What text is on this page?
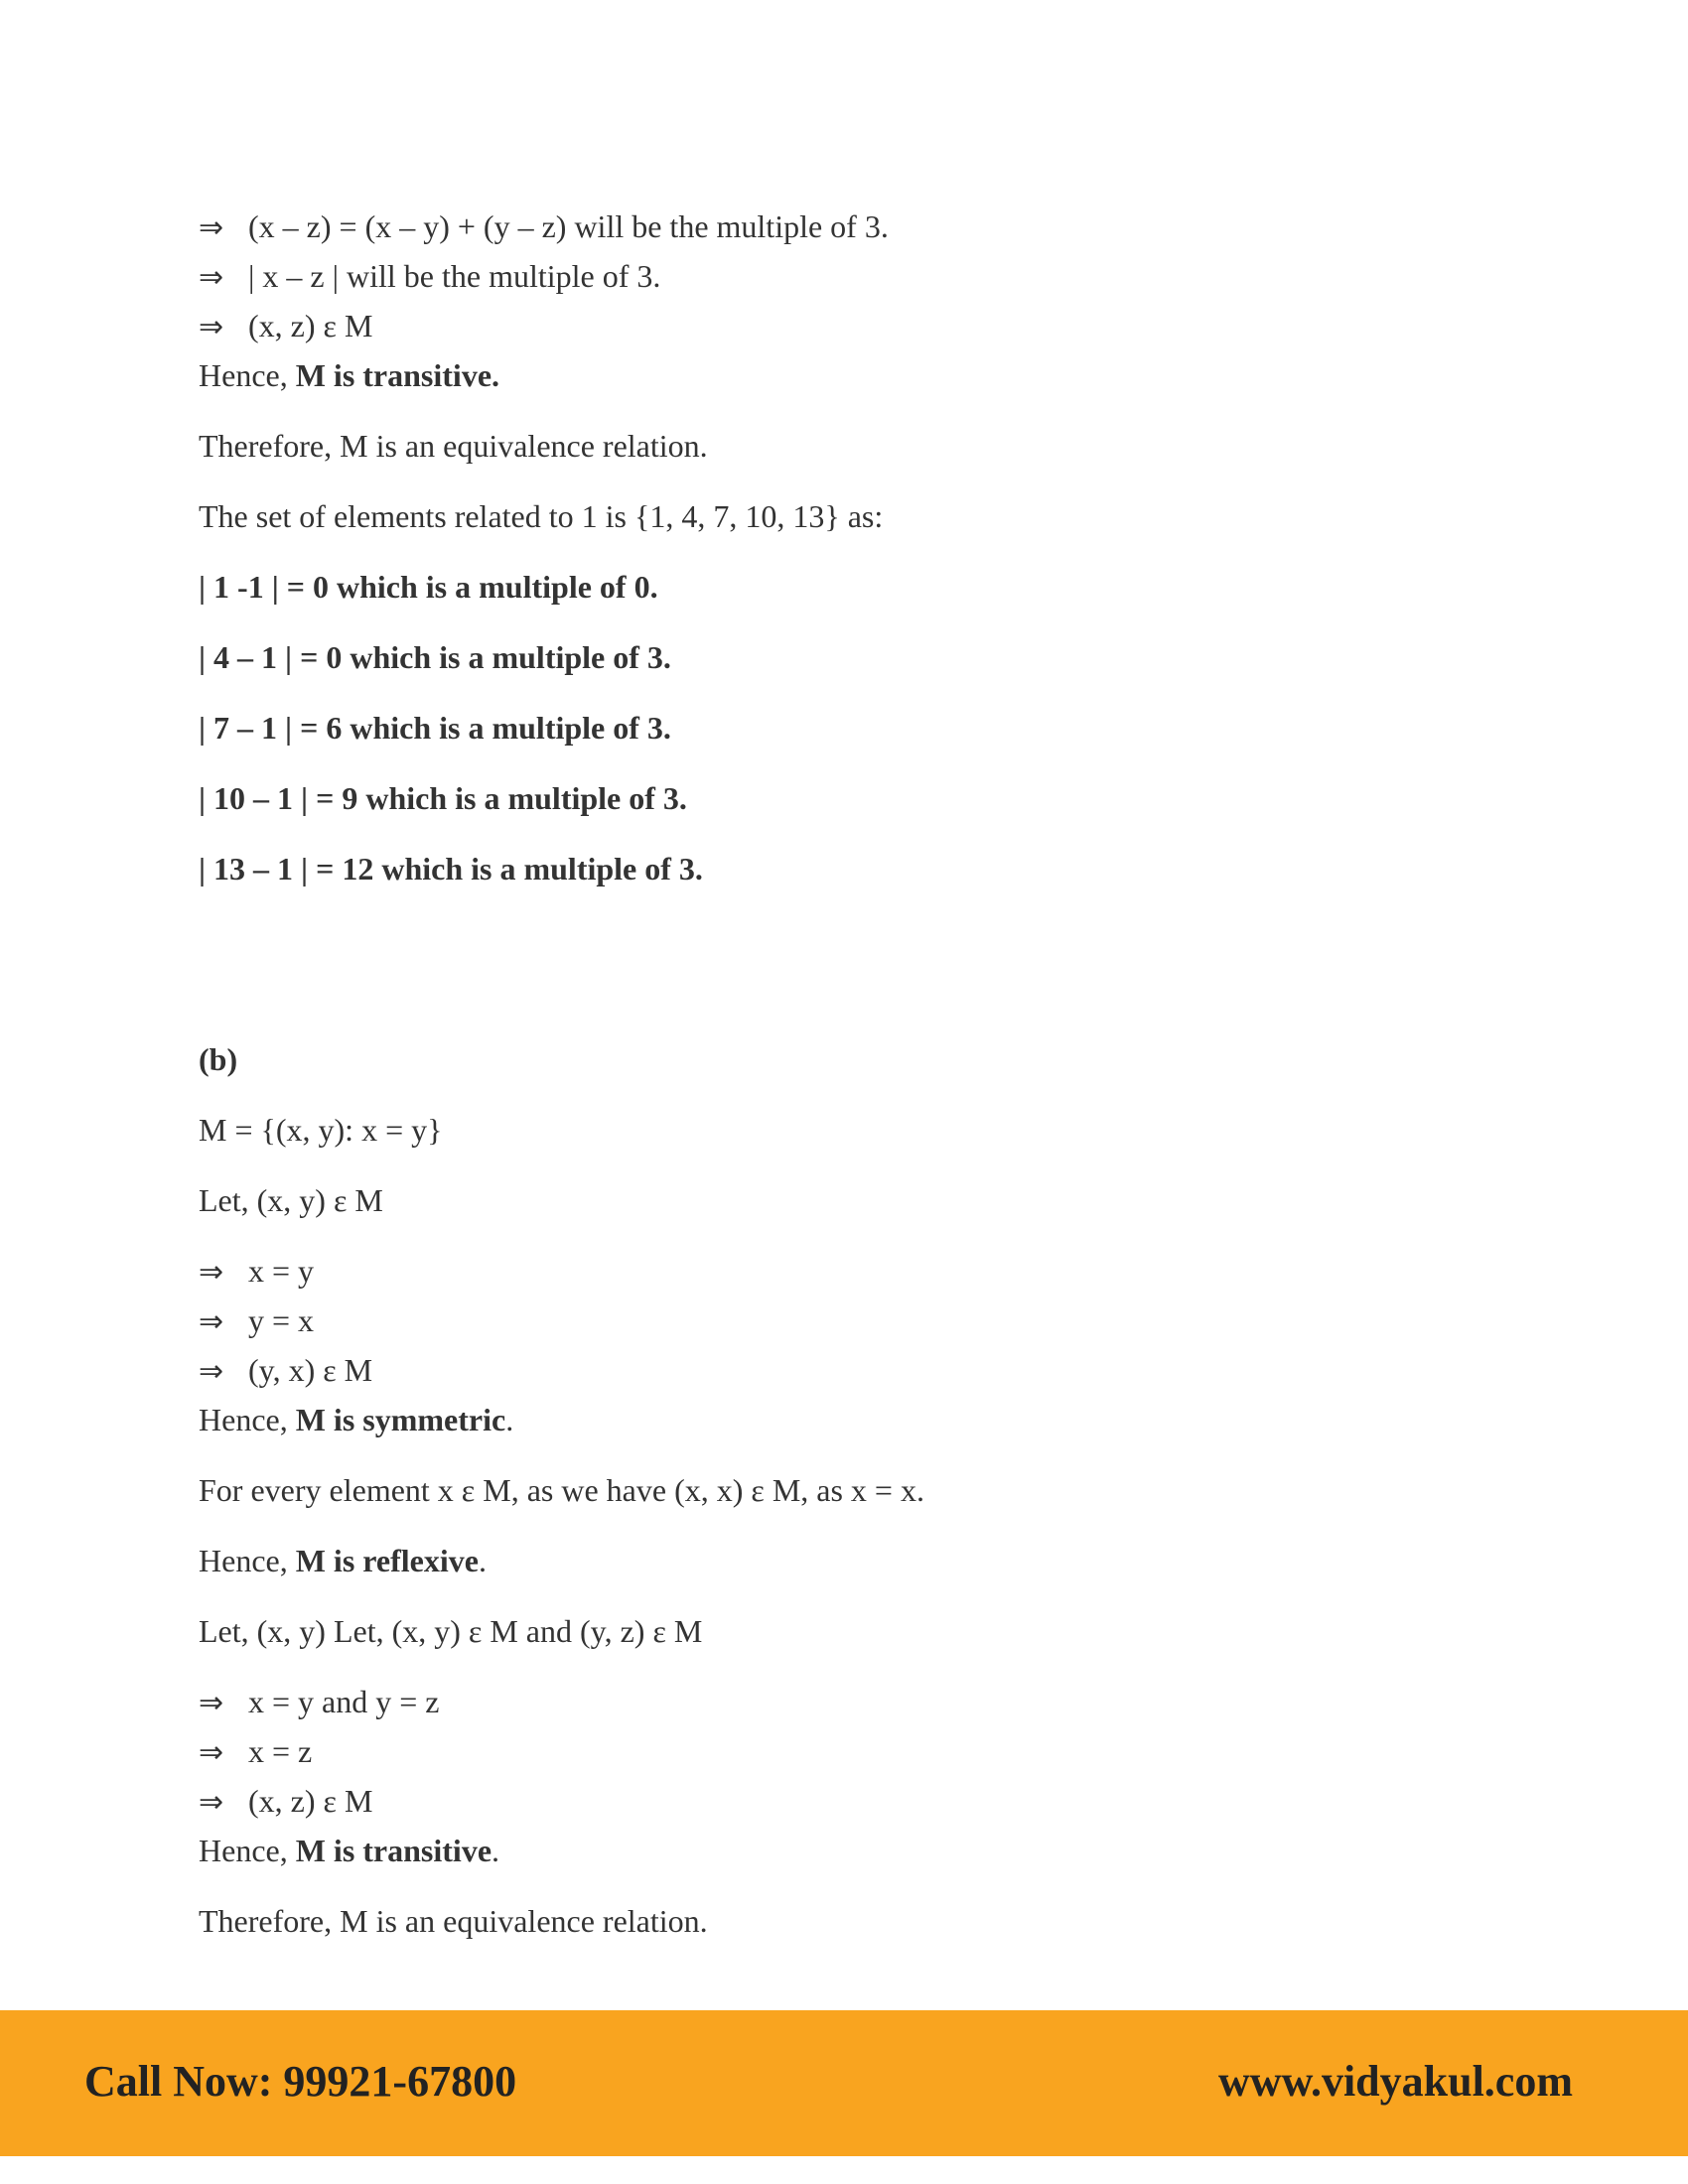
⇒ (x – z) = (x – y) + (y – z) will be the multiple of 3.
⇒ | x – z | will be the multiple of 3.
⇒ (x, z) ε M
Hence, M is transitive.
Therefore, M is an equivalence relation.
The set of elements related to 1 is {1, 4, 7, 10, 13} as:
| 1 -1 | = 0 which is a multiple of 0.
| 4 – 1 | = 0 which is a multiple of 3.
| 7 – 1 | = 6 which is a multiple of 3.
| 10 – 1 | = 9 which is a multiple of 3.
| 13 – 1 | = 12 which is a multiple of 3.
(b)
M = {(x, y): x = y}
Let, (x, y) ε M
⇒ x = y
⇒ y = x
⇒ (y, x) ε M
Hence, M is symmetric.
For every element x ε M, as we have (x, x) ε M, as x = x.
Hence, M is reflexive.
Let, (x, y) Let, (x, y) ε M and (y, z) ε M
⇒ x = y and y = z
⇒ x = z
⇒ (x, z) ε M
Hence, M is transitive.
Therefore, M is an equivalence relation.
Call Now: 99921-67800	www.vidyakul.com
